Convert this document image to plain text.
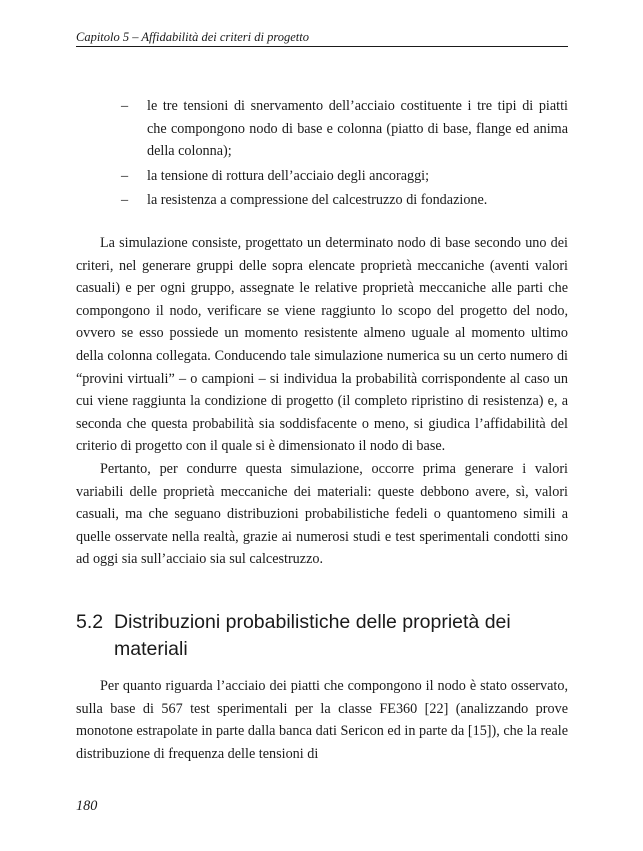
Capitolo 5 – Affidabilità dei criteri di progetto
–	le tre tensioni di snervamento dell’acciaio costituente i tre tipi di piatti che compongono nodo di base e colonna (piatto di base, flange ed anima della colonna);
–	la tensione di rottura dell’acciaio degli ancoraggi;
–	la resistenza a compressione del calcestruzzo di fondazione.

La simulazione consiste, progettato un determinato nodo di base secondo uno dei criteri, nel generare gruppi delle sopra elencate proprietà meccaniche (aventi valori casuali) e per ogni gruppo, assegnate le relative proprietà meccaniche alle parti che compongono il nodo, verificare se viene raggiunto lo scopo del progetto del nodo, ovvero se esso possiede un momento resistente almeno uguale al momento ultimo della colonna collegata. Conducendo tale simulazione numerica su un certo numero di “provini virtuali” – o campioni – si individua la probabilità corrispondente al caso un cui viene raggiunta la condizione di progetto (il completo ripristino di resistenza) e, a seconda che questa probabilità sia soddisfacente o meno, si giudica l’affidabilità del criterio di progetto con il quale si è dimensionato il nodo di base.

Pertanto, per condurre questa simulazione, occorre prima generare i valori variabili delle proprietà meccaniche dei materiali: queste debbono avere, sì, valori casuali, ma che seguano distribuzioni probabilistiche fedeli o quantomeno simili a quelle osservate nella realtà, grazie ai numerosi studi e test sperimentali condotti sino ad oggi sia sull’acciaio sia sul calcestruzzo.

5.2 Distribuzioni probabilistiche delle proprietà dei materiali

Per quanto riguarda l’acciaio dei piatti che compongono il nodo è stato osservato, sulla base di 567 test sperimentali per la classe FE360 [22] (analizzando prove monotone estrapolate in parte dalla banca dati Sericon ed in parte da [15]), che la reale distribuzione di frequenza delle tensioni di

180
